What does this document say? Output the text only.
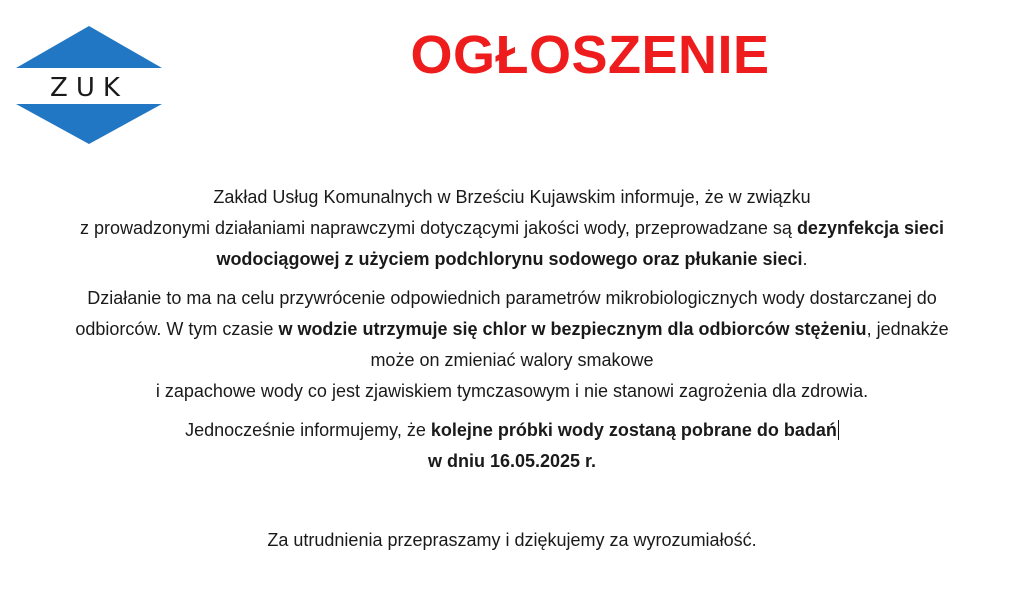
ZUK
OGŁOSZENIE

Zakład Usług Komunalnych w Brześciu Kujawskim informuje, że w związku
z prowadzonymi działaniami naprawczymi dotyczącymi jakości wody, przeprowadzane są dezynfekcja sieci
wodociągowej z użyciem podchlorynu sodowego oraz płukanie sieci.

Działanie to ma na celu przywrócenie odpowiednich parametrów mikrobiologicznych wody dostarczanej do
odbiorców. W tym czasie w wodzie utrzymuje się chlor w bezpiecznym dla odbiorców stężeniu, jednakże
może on zmieniać walory smakowe
i zapachowe wody co jest zjawiskiem tymczasowym i nie stanowi zagrożenia dla zdrowia.

Jednocześnie informujemy, że kolejne próbki wody zostaną pobrane do badań
w dniu 16.05.2025 r.

Za utrudnienia przepraszamy i dziękujemy za wyrozumiałość.
